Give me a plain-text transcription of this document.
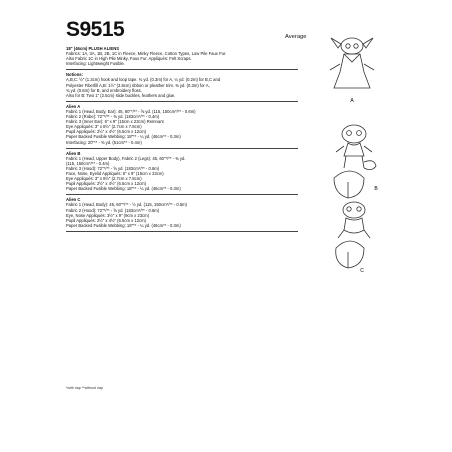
S9515	Average
18" (46cm) PLUSH ALIENS
Fabrics: 1A, 3A, 1B, 2B, 1C in Fleece, Minky Fleece, Cotton Types, Low Pile Faux Fur.
Also Fabric 1C in High Pile Minky, Faux Fur. Appliqués: Felt Scraps.
Interfacing: Lightweight Fusible.
Notions:
A,B,C: ½" (1.3cm) hook and loop tape. ¾ yd. (0.3m) for A, ¼ yd. (0.2m) for B,C and
Polyester Fiberfill A,B: 1½" (3.8cm) ribbon or pleather trim. ⅜ yd. (0.3m) for A,
¾ yd. (0.6m) for B, and embroidery floss.
Also for B: Two 1" (2.5cm) slide buckles, feathers and glue.
Alien A
Fabric 1 (Head, Body, Ear): 45, 60"*/** - ⅝ yd. (115, 150cm*/** - 0.6m)
Fabric 2 (Robe): 72"*/** - ⅜ yd. (183cm*/** - 0.4m)
Fabric 3 (Inner Ear): 6" x 9" (15cm x 23cm) Remnant
Eye Appliqués: 3" x 8½" (2.7cm x 7.8cm)
Pupil Appliqués: 2½" x 4½" (6.5cm x 12cm)
Paper Backed Fusible Webbing: 18"** - ¼ yd. (46cm** - 0.3m)
Interfacing: 20"** - ⅜ yd. (51cm** - 0.4m)
Alien B
Fabric 1 (Head, Upper Body), Fabric 2 (Legs): 45, 60"*/** - ⅜ yd.
(115, 150cm*/** - 0.4m)
Fabric 3 (Hood): 72"*/** - ⅝ yd. (183cm*/** - 0.6m)
Face, Nose, Eyelid Appliqués: 6" x 9" (15cm x 23cm)
Eye Appliqués: 3" x 8½" (2.7cm x 7.8cm)
Pupil Appliqués: 2½" x 4½" (6.5cm x 12cm)
Paper Backed Fusible Webbing: 18"** - ¼ yd. (46cm** - 0.3m)
Alien C
Fabric 1 (Head, Body): 45, 60"*/** - ½ yd. (115, 150cm*/** - 0.5m)
Fabric 2 (Hood): 72"*/** - ⅝ yd. (183cm*/** - 0.6m)
Eye, Nose Appliqués: 3½" x 9" (9cm x 23cm)
Pupil Appliqués: 2½" x 4½" (6.5cm x 12cm)
Paper Backed Fusible Webbing: 18"** - ¼ yd. (46cm** - 0.3m)
*with nap **without nap
A
B
C
